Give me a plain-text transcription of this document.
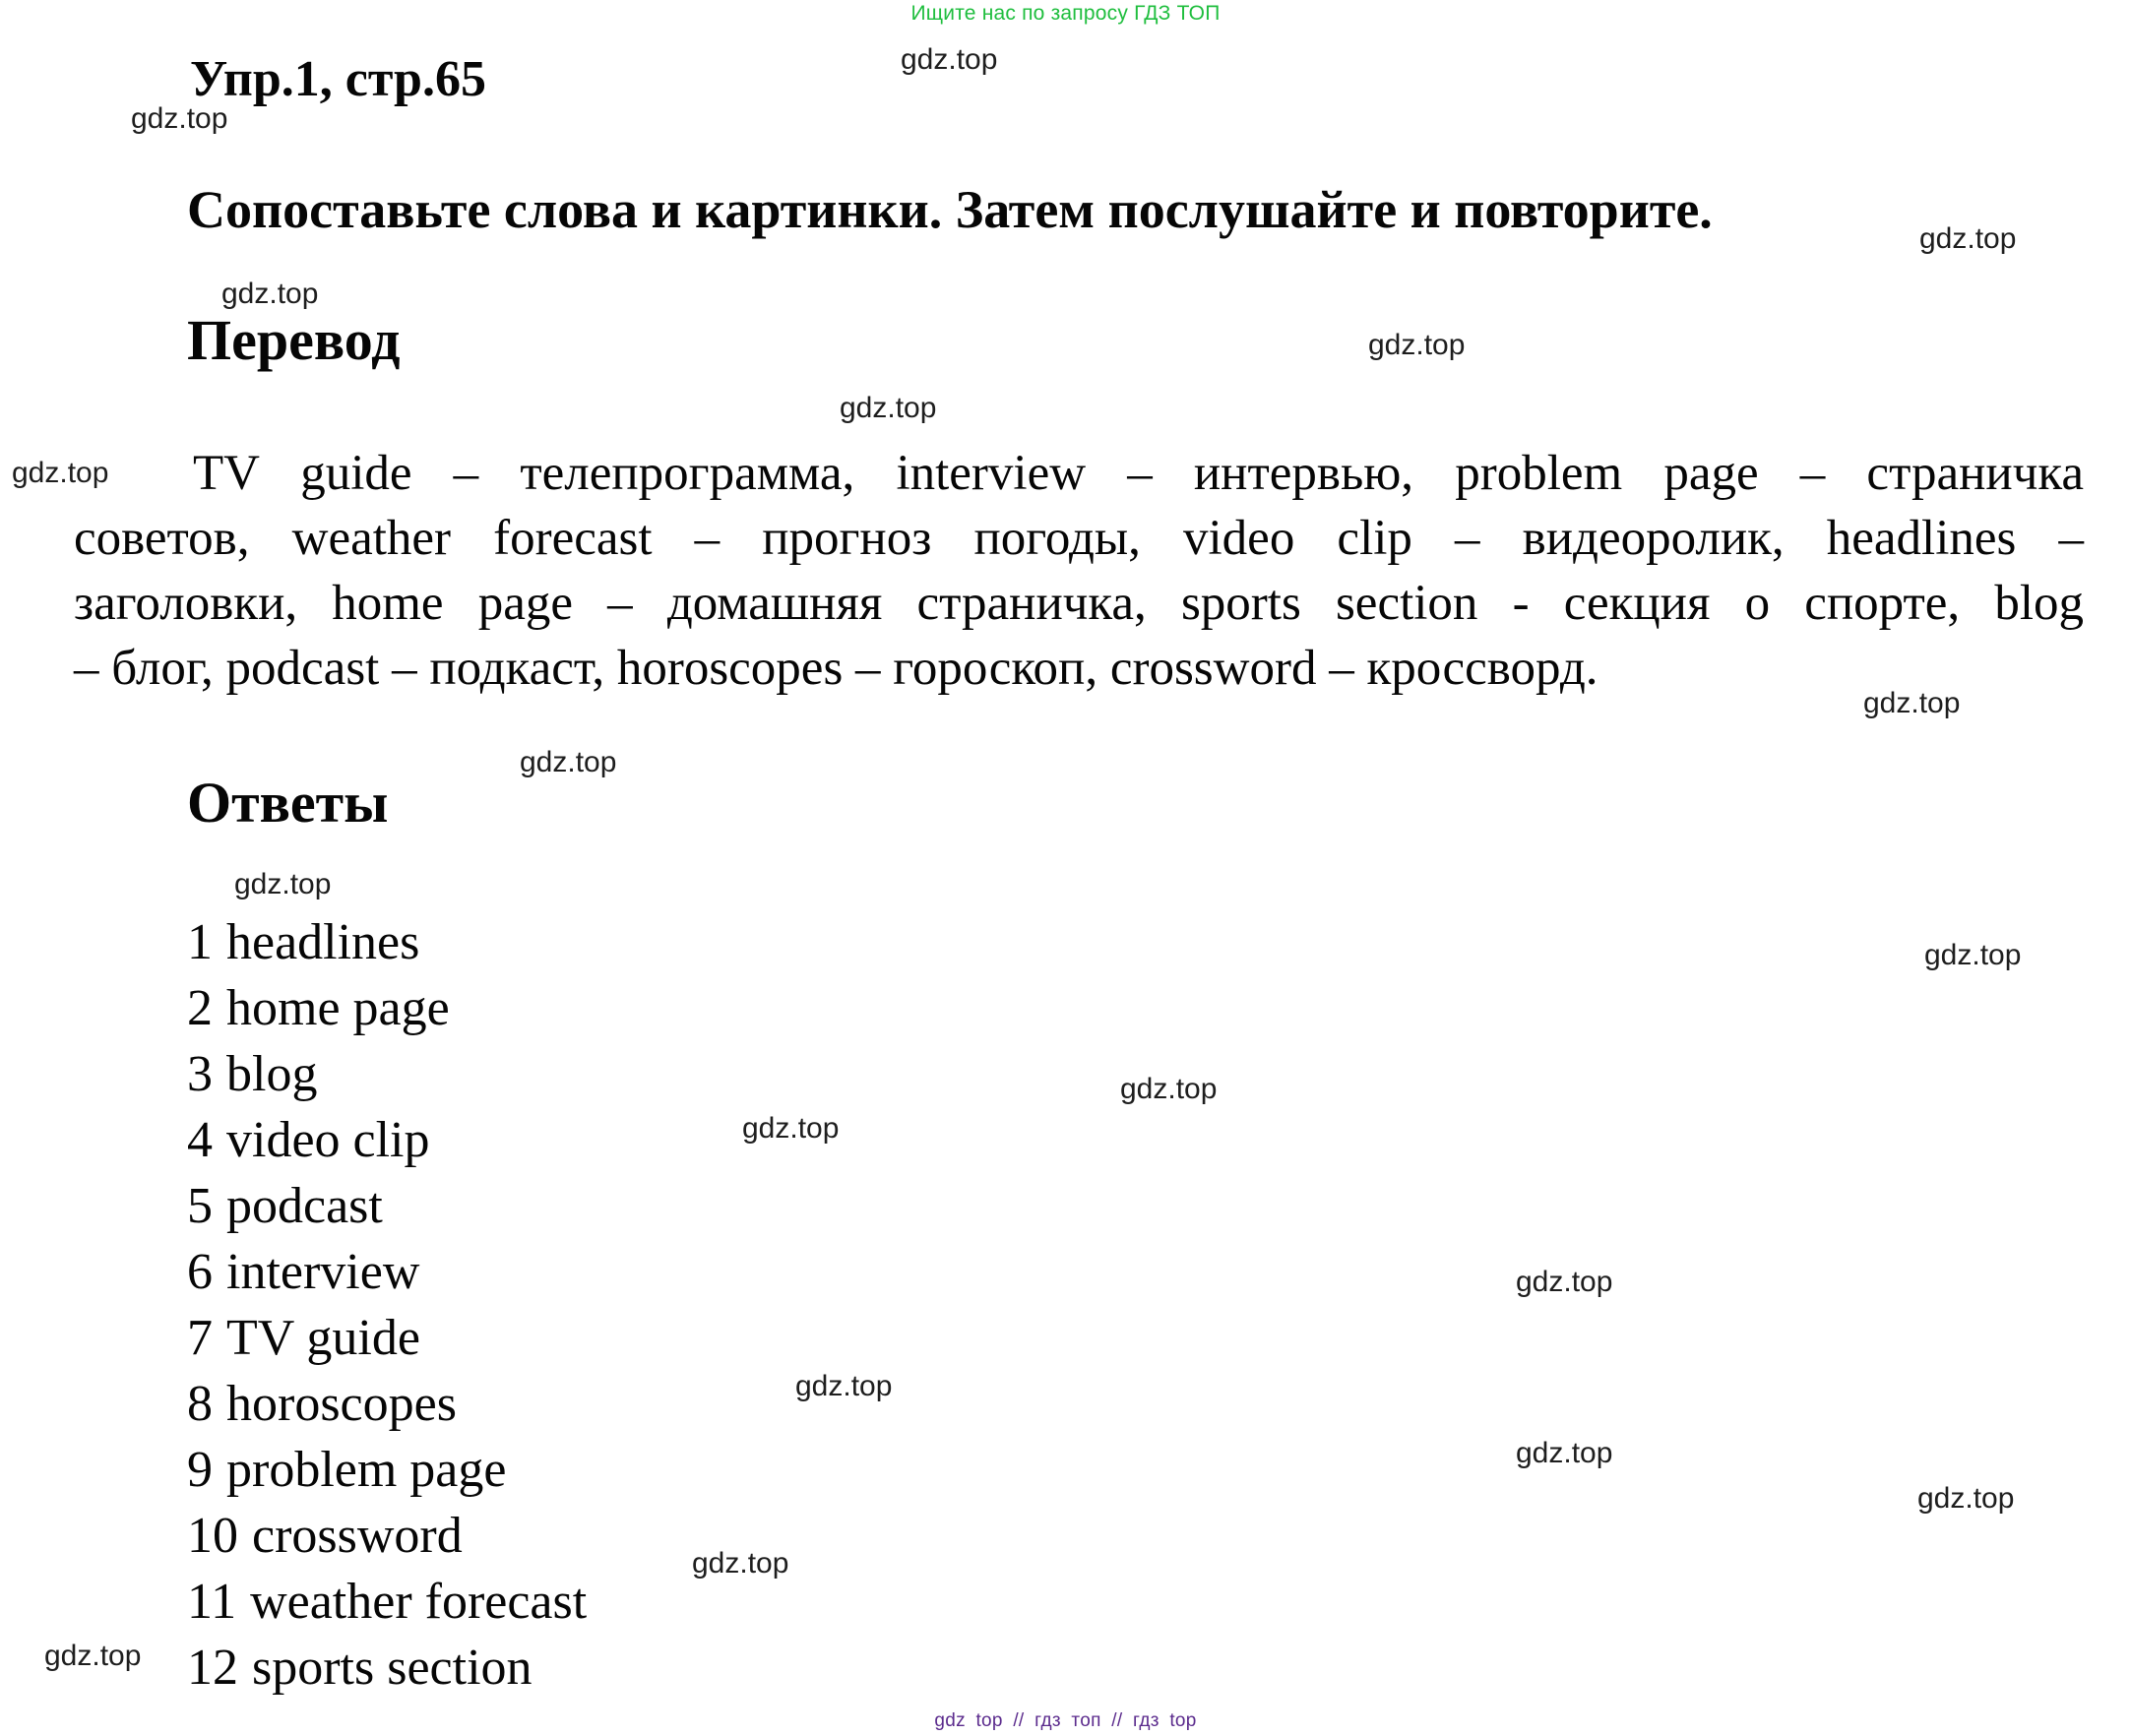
Ищите нас по запросу ГДЗ ТОП
gdz.top
gdz.top
gdz.top
gdz.top
gdz.top
gdz.top
gdz.top
gdz.top
gdz.top
gdz.top
gdz.top
gdz.top
gdz.top
gdz.top
gdz.top
gdz.top
gdz.top
gdz.top
gdz.top
Упр.1, стр.65
Сопоставьте слова и картинки. Затем послушайте и повторите.
Перевод
TV guide – телепрограмма, interview – интервью, problem page – страничка
советов, weather forecast – прогноз погоды, video clip – видеоролик, headlines –
заголовки, home page – домашняя страничка, sports section - секция о спорте, blog
– блог, podcast – подкаст, horoscopes – гороскоп, crossword – кроссворд.
Ответы
1 headlines
2 home page
3 blog
4 video clip
5 podcast
6 interview
7 TV guide
8 horoscopes
9 problem page
10 crossword
11 weather forecast
12 sports section
gdz top // гдз топ // гдз top
